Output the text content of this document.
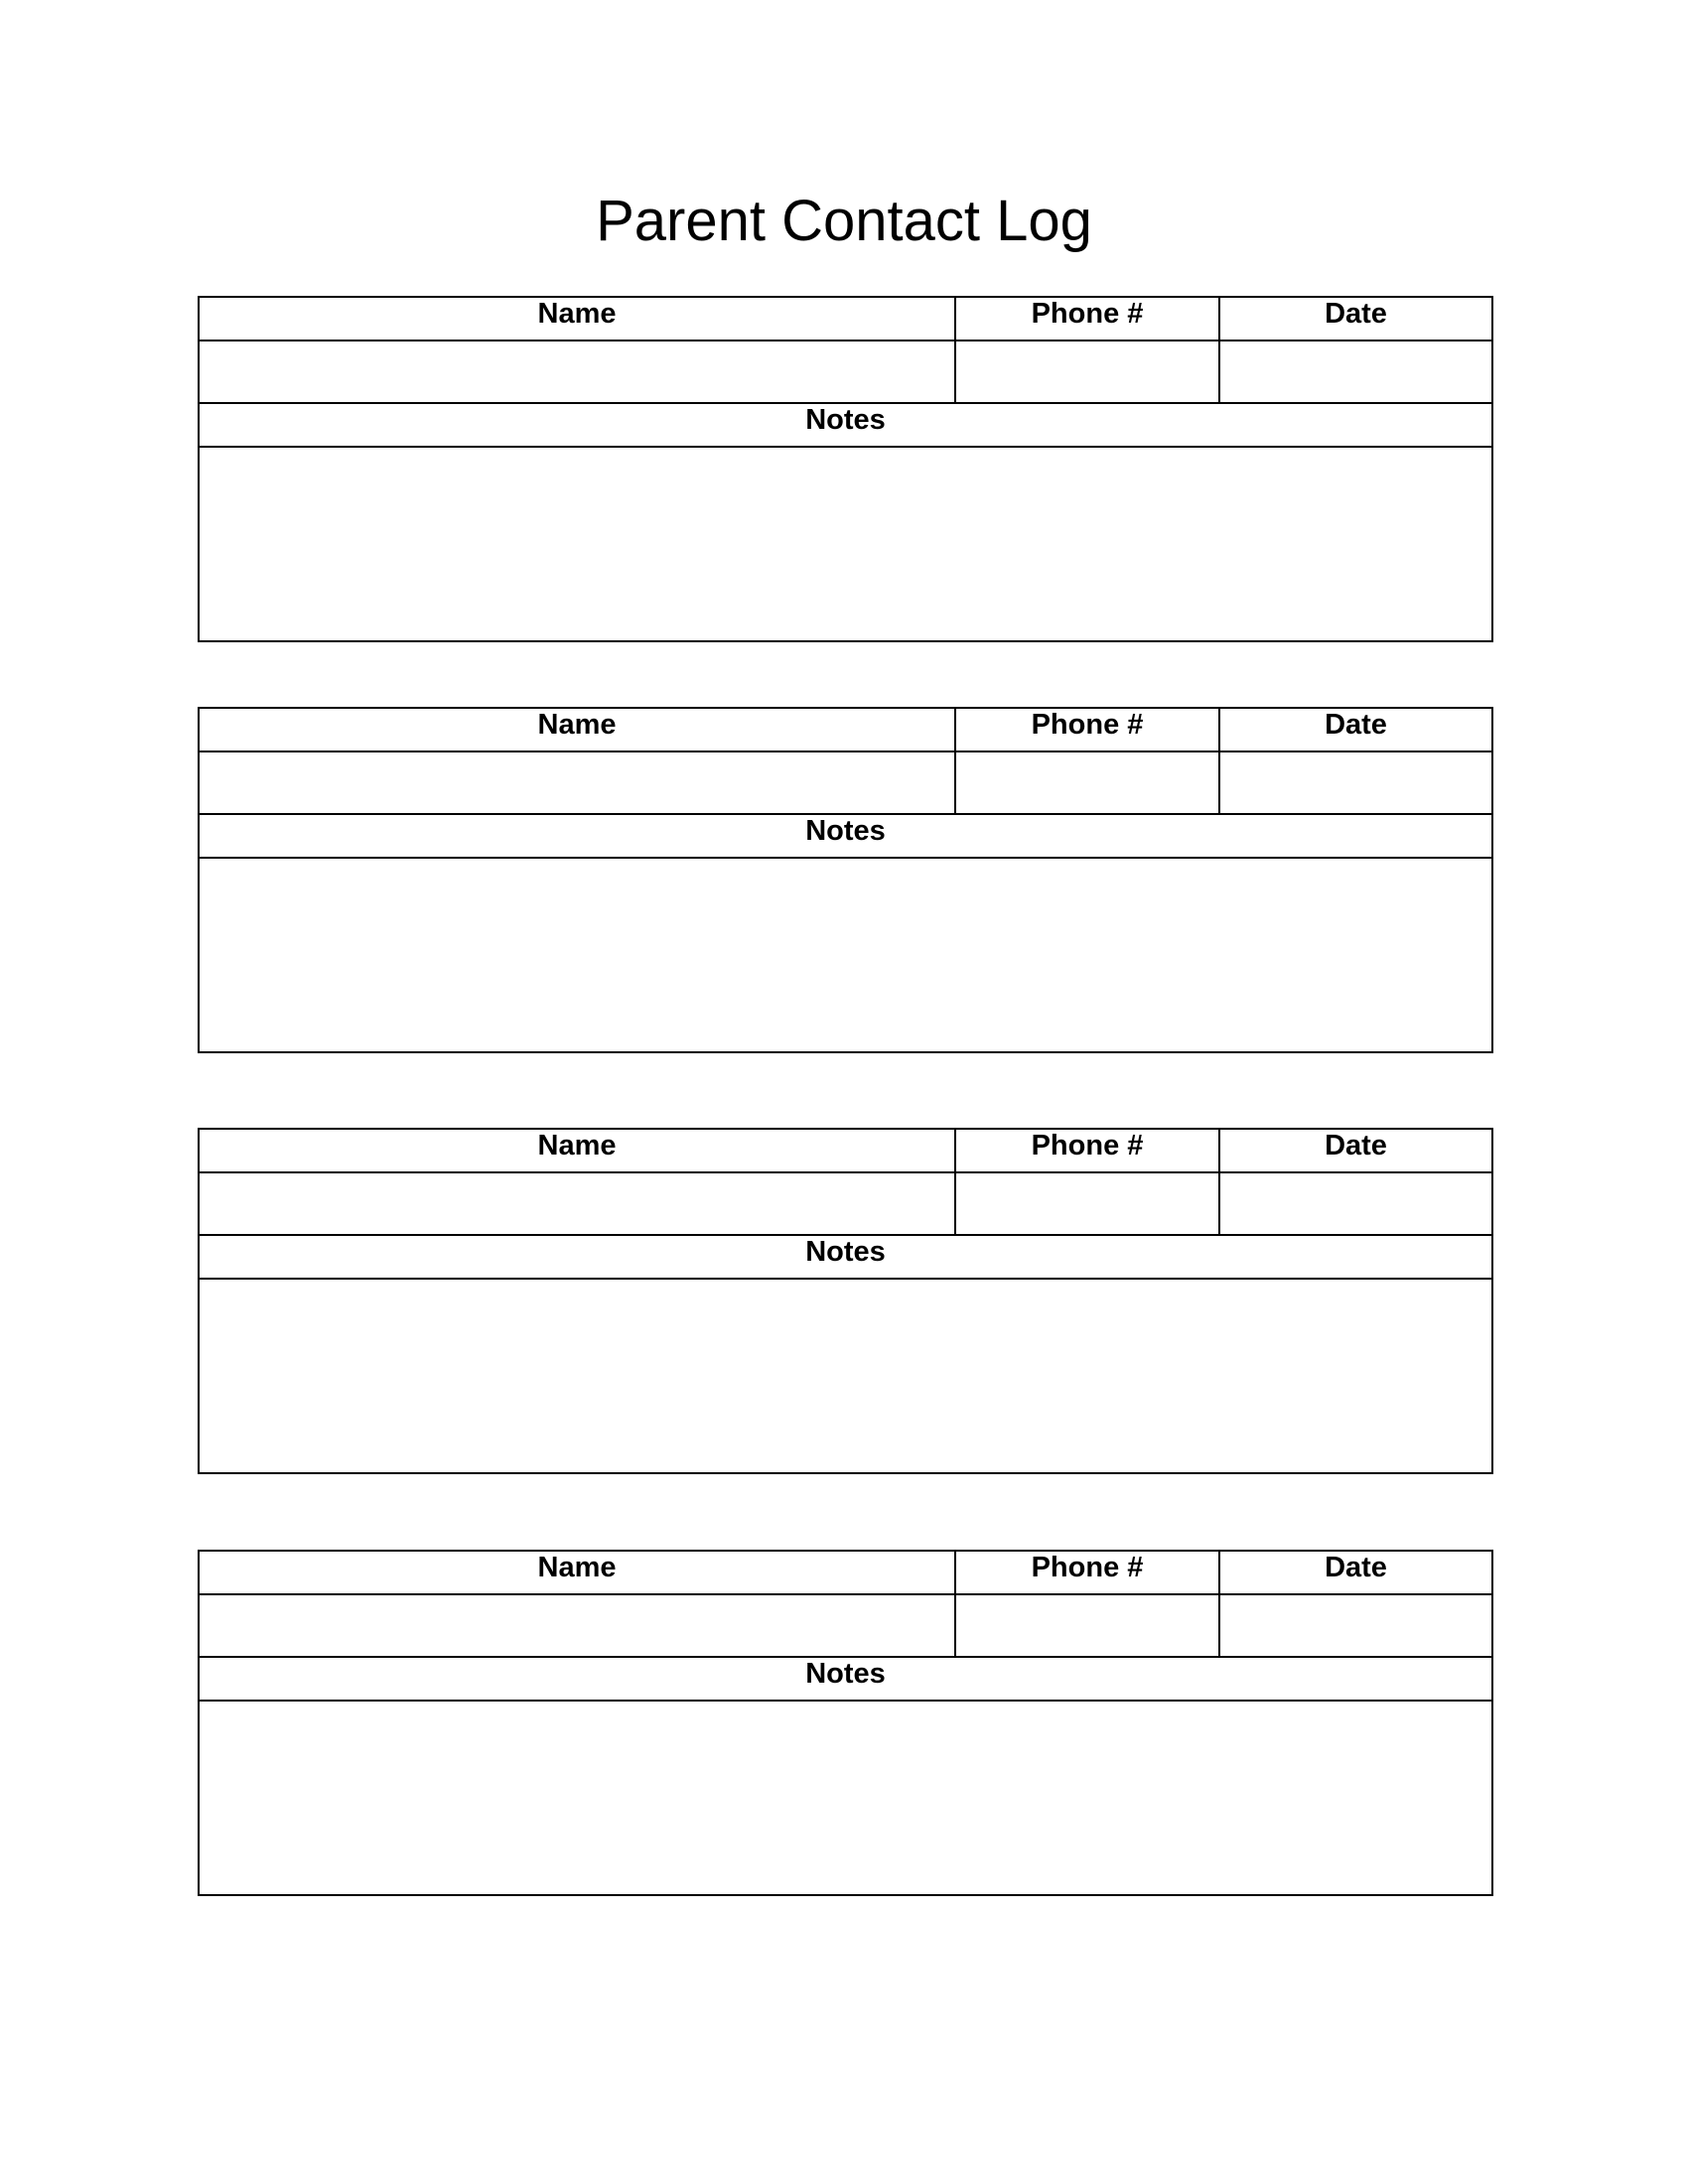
Parent Contact Log
Name	Phone #	Date

Notes		

Name	Phone #	Date

Notes		

Name	Phone #	Date

Notes		

Name	Phone #	Date

Notes		
